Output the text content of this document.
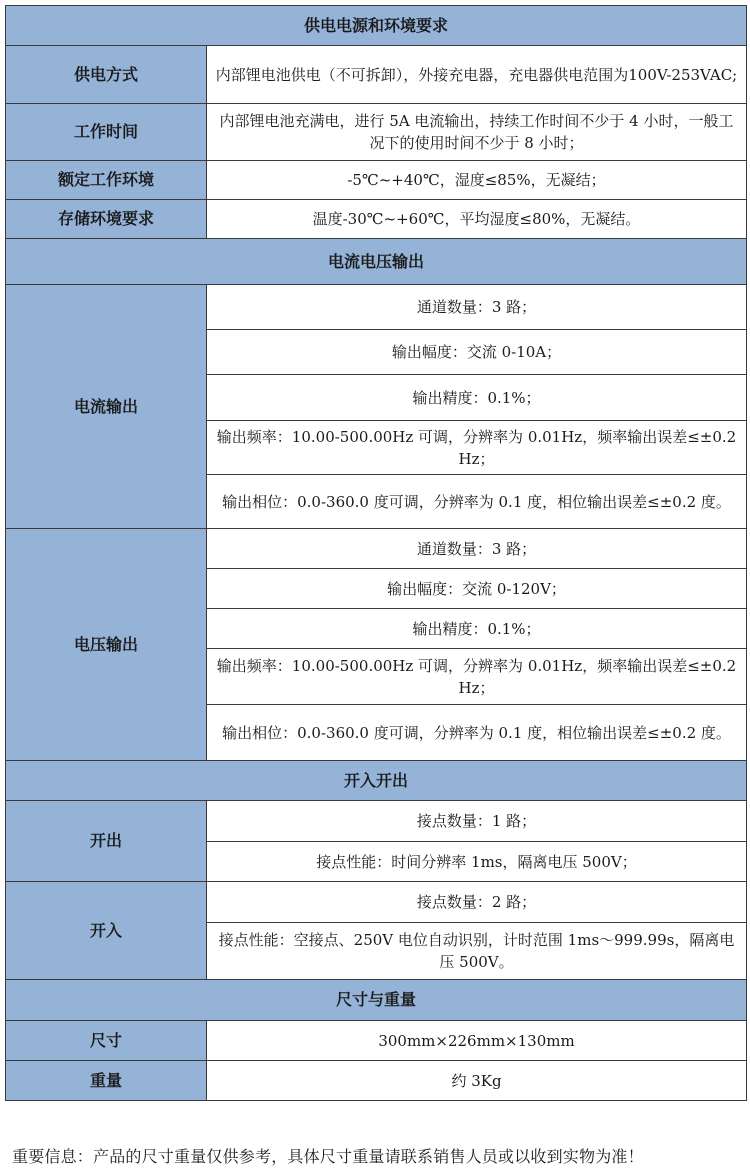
供电电源和环境要求	
供电方式	内部锂电池供电（不可拆卸），外接充电器，充电器供电范围为100V-253VAC;
工作时间	内部锂电池充满电，进行 5A 电流输出，持续工作时间不少于 4 小时，一般工况下的使用时间不少于 8 小时；
额定工作环境	-5℃~+40℃，湿度≤85%，无凝结；
存储环境要求	温度-30℃~+60℃，平均湿度≤80%，无凝结。
电流电压输出	
电流输出	通道数量：3 路；
	输出幅度：交流 0-10A；
	输出精度：0.1%；
	输出频率：10.00-500.00Hz 可调，分辨率为 0.01Hz，频率输出误差≤±0.2 Hz；
	输出相位：0.0-360.0 度可调，分辨率为 0.1 度，相位输出误差≤±0.2 度。
电压输出	通道数量：3 路；
	输出幅度：交流 0-120V；
	输出精度：0.1%；
	输出频率：10.00-500.00Hz 可调，分辨率为 0.01Hz，频率输出误差≤±0.2 Hz；
	输出相位：0.0-360.0 度可调，分辨率为 0.1 度，相位输出误差≤±0.2 度。
开入开出	
开出	接点数量：1 路；
	接点性能：时间分辨率 1ms，隔离电压 500V；
开入	接点数量：2 路；
	接点性能：空接点、250V 电位自动识别，计时范围 1ms～999.99s，隔离电压 500V。
尺寸与重量	
尺寸	300mm×226mm×130mm
重量	约 3Kg
重要信息：产品的尺寸重量仅供参考，具体尺寸重量请联系销售人员或以收到实物为准！
